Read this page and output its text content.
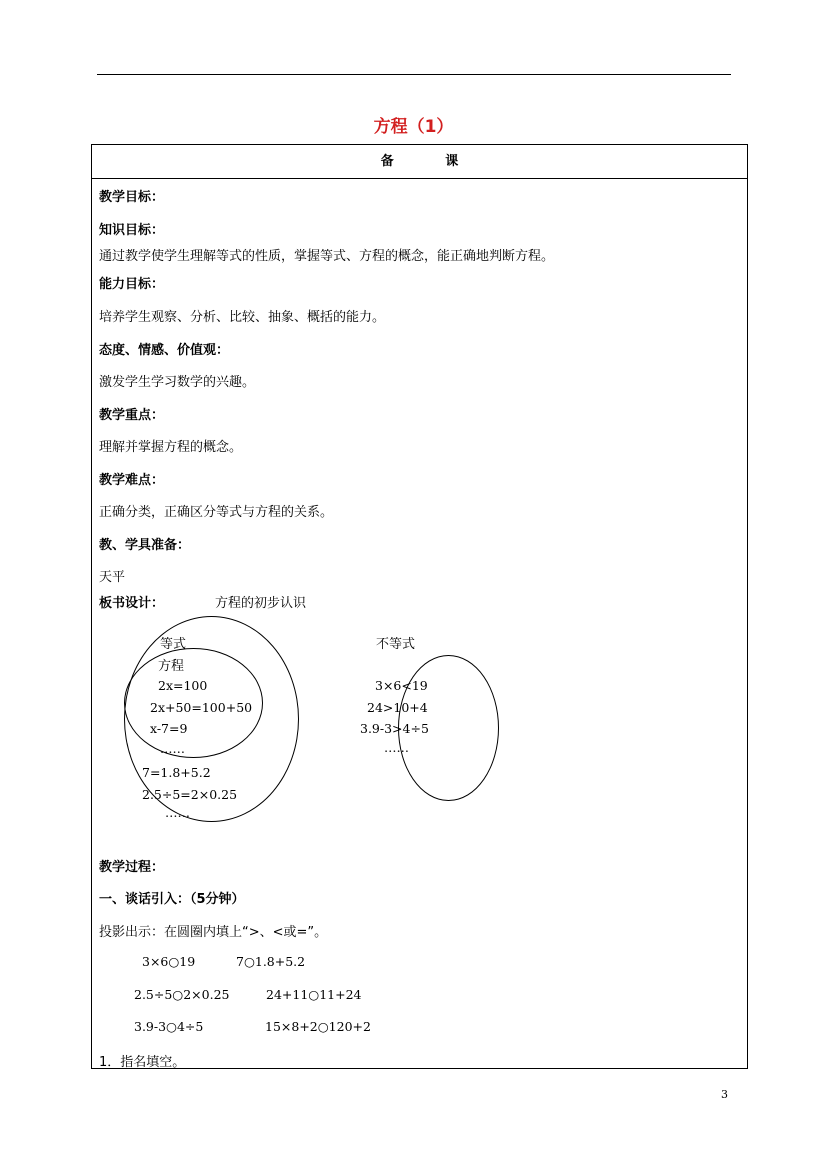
方程（1）
备	课
教学目标：
知识目标：
通过教学使学生理解等式的性质，掌握等式、方程的概念，能正确地判断方程。
能力目标：
培养学生观察、分析、比较、抽象、概括的能力。
态度、情感、价值观：
激发学生学习数学的兴趣。
教学重点：
理解并掌握方程的概念。
教学难点：
正确分类，正确区分等式与方程的关系。
教、学具准备：
天平
板书设计：	方程的初步认识
等式
方程
2x=100
2x+50=100+50
x-7=9
……
7=1.8+5.2
2.5÷5=2×0.25
……
不等式
3×6<19
24>10+4
3.9-3>4÷5
……
教学过程：
一、谈话引入：（5分钟）
投影出示：在圆圈内填上“>、<或=”。
3×6○19	7○1.8+5.2
2.5÷5○2×0.25	24+11○11+24
3.9-3○4÷5	15×8+2○120+2
1．指名填空。
3
